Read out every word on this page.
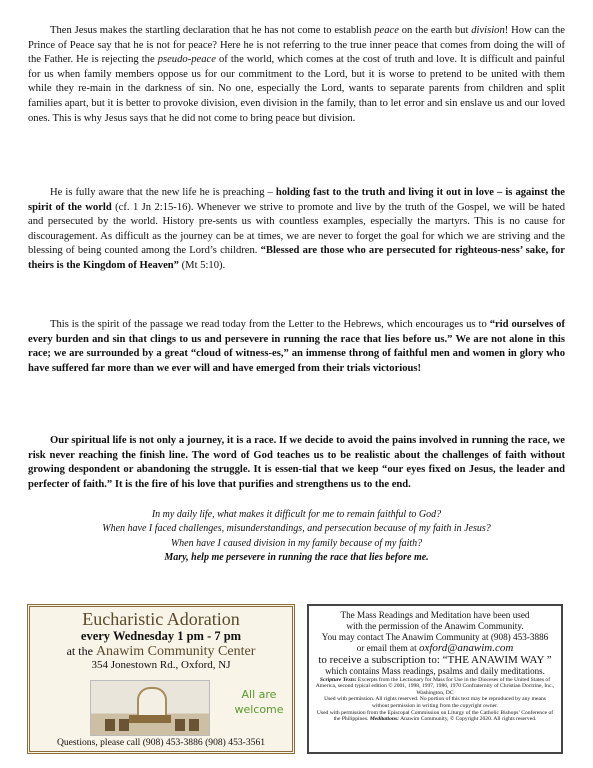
Then Jesus makes the startling declaration that he has not come to establish peace on the earth but division! How can the Prince of Peace say that he is not for peace? Here he is not referring to the true inner peace that comes from doing the will of the Father. He is rejecting the pseudo-peace of the world, which comes at the cost of truth and love. It is difficult and painful for us when family members oppose us for our commitment to the Lord, but it is worse to pretend to be united with them while they re-main in the darkness of sin. No one, especially the Lord, wants to separate parents from children and split families apart, but it is better to provoke division, even division in the family, than to let error and sin enslave us and our loved ones. This is why Jesus says that he did not come to bring peace but division.

He is fully aware that the new life he is preaching – holding fast to the truth and living it out in love – is against the spirit of the world (cf. 1 Jn 2:15-16). Whenever we strive to promote and live by the truth of the Gospel, we will be hated and persecuted by the world. History pre-sents us with countless examples, especially the martyrs. This is no cause for discouragement. As difficult as the journey can be at times, we are never to forget the goal for which we are striving and the blessing of being counted among the Lord’s children. “Blessed are those who are persecuted for righteous-ness’ sake, for theirs is the Kingdom of Heaven” (Mt 5:10).

This is the spirit of the passage we read today from the Letter to the Hebrews, which encourages us to “rid ourselves of every burden and sin that clings to us and persevere in running the race that lies before us.” We are not alone in this race; we are surrounded by a great “cloud of witness-es,” an immense throng of faithful men and women in glory who have suffered far more than we ever will and have emerged from their trials victorious!

Our spiritual life is not only a journey, it is a race. If we decide to avoid the pains involved in running the race, we risk never reaching the finish line. The word of God teaches us to be realistic about the challenges of faith without growing despondent or abandoning the struggle. It is essen-tial that we keep “our eyes fixed on Jesus, the leader and perfecter of faith.” It is the fire of his love that purifies and strengthens us to the end.

In my daily life, what makes it difficult for me to remain faithful to God?
When have I faced challenges, misunderstandings, and persecution because of my faith in Jesus?
When have I caused division in my family because of my faith?
Mary, help me persevere in running the race that lies before me.
Eucharistic Adoration
every Wednesday 1 pm - 7 pm
at the Anawim Community Center
354 Jonestown Rd., Oxford, NJ
All are
welcome
Questions, please call (908) 453-3886 (908) 453-3561
The Mass Readings and Meditation have been used
with the permission of the Anawim Community.
You may contact The Anawim Community at (908) 453-3886
or email them at oxford@anawim.com
to receive a subscription to: “THE ANAWIM WAY ”
which contains Mass readings, psalms and daily meditations.
Scripture Texts: Excerpts from the Lectionary for Mass for Use in the Dioceses of the United States of America, second typical edition © 2001, 1998, 1997, 1986, 1970 Confraternity of Christian Doctrine, Inc., Washington, DC
Used with permission. All rights reserved. No portion of this text may be reproduced by any means without permission in writing from the copyright owner.
Used with permission from the Episcopal Commission on Liturgy of the Catholic Bishops’ Conference of the Philippines. Meditations: Anawim Community, © Copyright 2020. All rights reserved.
